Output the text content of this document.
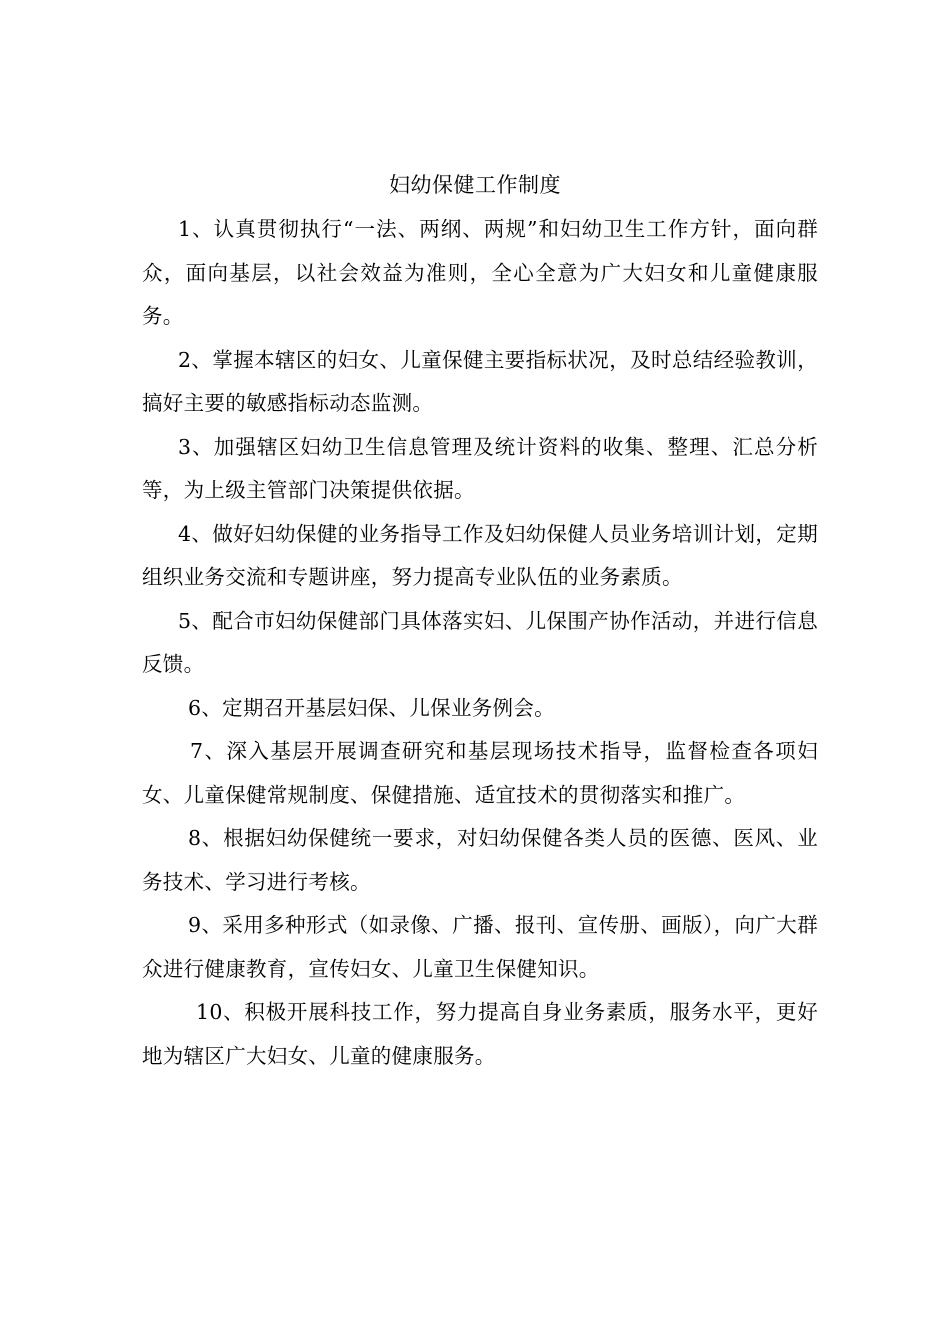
妇幼保健工作制度

1、认真贯彻执行“一法、两纲、两规”和妇幼卫生工作方针，面向群众，面向基层，以社会效益为准则，全心全意为广大妇女和儿童健康服务。

2、掌握本辖区的妇女、儿童保健主要指标状况，及时总结经验教训，搞好主要的敏感指标动态监测。

3、加强辖区妇幼卫生信息管理及统计资料的收集、整理、汇总分析等，为上级主管部门决策提供依据。

4、做好妇幼保健的业务指导工作及妇幼保健人员业务培训计划，定期组织业务交流和专题讲座，努力提高专业队伍的业务素质。

5、配合市妇幼保健部门具体落实妇、儿保围产协作活动，并进行信息反馈。

6、定期召开基层妇保、儿保业务例会。

7、深入基层开展调查研究和基层现场技术指导，监督检查各项妇女、儿童保健常规制度、保健措施、适宜技术的贯彻落实和推广。

8、根据妇幼保健统一要求，对妇幼保健各类人员的医德、医风、业务技术、学习进行考核。

9、采用多种形式（如录像、广播、报刊、宣传册、画版），向广大群众进行健康教育，宣传妇女、儿童卫生保健知识。

10、积极开展科技工作，努力提高自身业务素质，服务水平，更好地为辖区广大妇女、儿童的健康服务。
